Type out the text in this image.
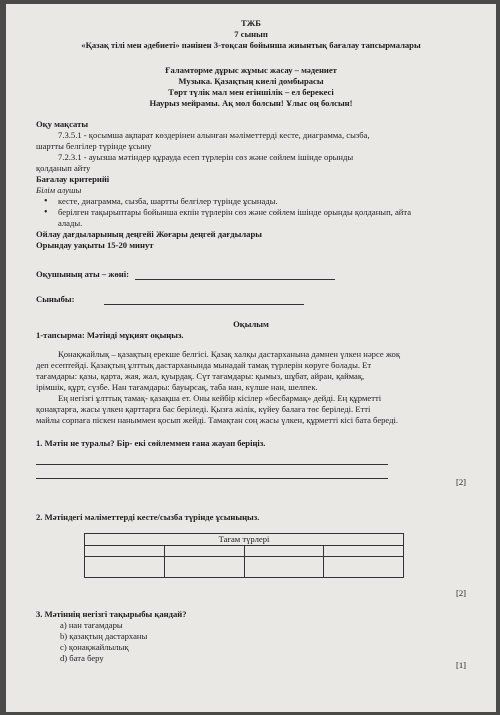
ТЖБ
7 сынып
«Қазақ тілі мен әдебиеті» пәнінен 3-тоқсан бойынша жиынтық бағалау тапсырмалары
Ғаламторме дұрыс жұмыс жасау – мәдениет
Музыка. Қазақтың киелі домбырасы
Төрт түлік мал мен егіншілік – ел берекесі
Наурыз мейрамы. Ақ мол болсын! Ұлыс оң болсын!
Оқу мақсаты
7.3.5.1 - қосымша ақпарат көздерінен алынған мәліметтерді кесте, диаграмма, сызба,
шартты белгілер түрінде ұсыну
7.2.3.1 - ауызша мәтіндер құрауда есеп түрлерін сөз және сөйлем ішінде орынды
қолданып айту
Бағалау критерийі
Білім алушы
• кесте, диаграмма, сызба, шартты белгілер түрінде ұсынады.
• берілген тақырыптары бойынша екпін түрлерін сөз және сөйлем ішінде орынды қолданып, айта
алады.
Ойлау дағдыларының деңгейі Жоғары деңгей дағдылары
Орындау уақыты 15-20 минут
Оқушының аты – жөні:
Сыныбы:
Оқылым
1-тапсырма: Мәтінді мұқият оқыңыз.
Қонақжайлық – қазақтың ерекше белгісі. Қазақ халқы дастарханына дәмнен үлкен нәрсе жоқ
деп есептейді. Қазақтың ұлттық дастарханында мынадай тамақ түрлерін көруге болады. Ет
тағамдары: қазы, қарта, жая, жал, қуырдақ. Сүт тағамдары: қымыз, шұбат, айран, қаймақ,
ірімшік, құрт, сүзбе. Нан тағамдары: бауырсақ, таба нан, күлше нан, шелпек.
Ең негізгі ұлттық тамақ- қазақша ет. Оны кейбір кісілер «бесбармақ» дейді. Ең құрметті
қонақтарға, жасы үлкен қарттарға бас беріледі. Қызға жілік, күйеу балаға төс беріледі. Етті
майлы сорпаға піскен наныммен қосып жейді. Тамақтан соң жасы үлкен, құрметті кісі бата береді.
1. Мәтін не туралы? Бір- екі сөйлеммен ғана жауап беріңіз.
[2]
2. Мәтіндегі мәліметтерді кесте/сызба түрінде ұсыныңыз.
Тағам түрлері			

[2]
3. Мәтіннің негізгі тақырыбы қандай?
а) нан тағамдары
b) қазақтың дастарханы
c) қонақжайлылық
d) бата беру
[1]
